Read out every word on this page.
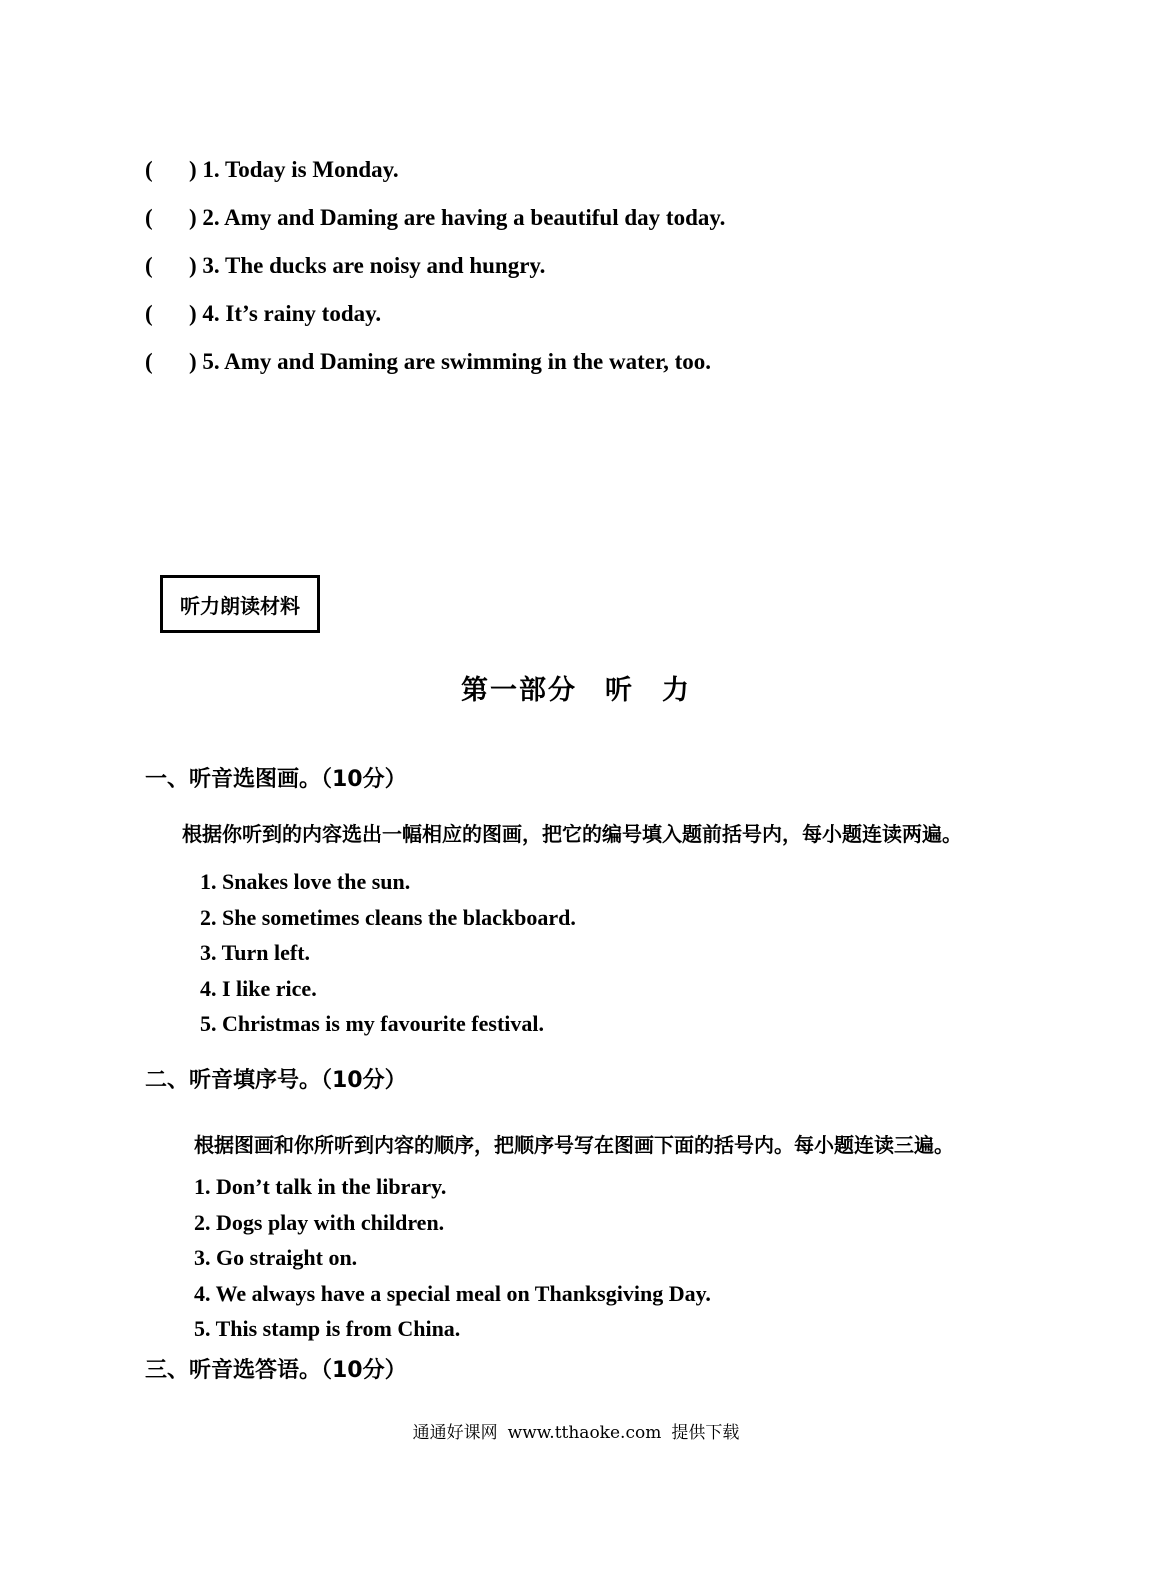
( ) 1. Today is Monday.
( ) 2. Amy and Daming are having a beautiful day today.
( ) 3. The ducks are noisy and hungry.
( ) 4. It’s rainy today.
( ) 5. Amy and Daming are swimming in the water, too.
听力朗读材料
第一部分 听 力
一、听音选图画。（10分）
根据你听到的内容选出一幅相应的图画，把它的编号填入题前括号内，每小题连读两遍。
1. Snakes love the sun.
2. She sometimes cleans the blackboard.
3. Turn left.
4. I like rice.
5. Christmas is my favourite festival.
二、听音填序号。（10分）
根据图画和你所听到内容的顺序，把顺序号写在图画下面的括号内。每小题连读三遍。
1. Don’t talk in the library.
2. Dogs play with children.
3. Go straight on.
4. We always have a special meal on Thanksgiving Day.
5. This stamp is from China.
三、听音选答语。（10分）
通通好课网 www.tthaoke.com 提供下载
